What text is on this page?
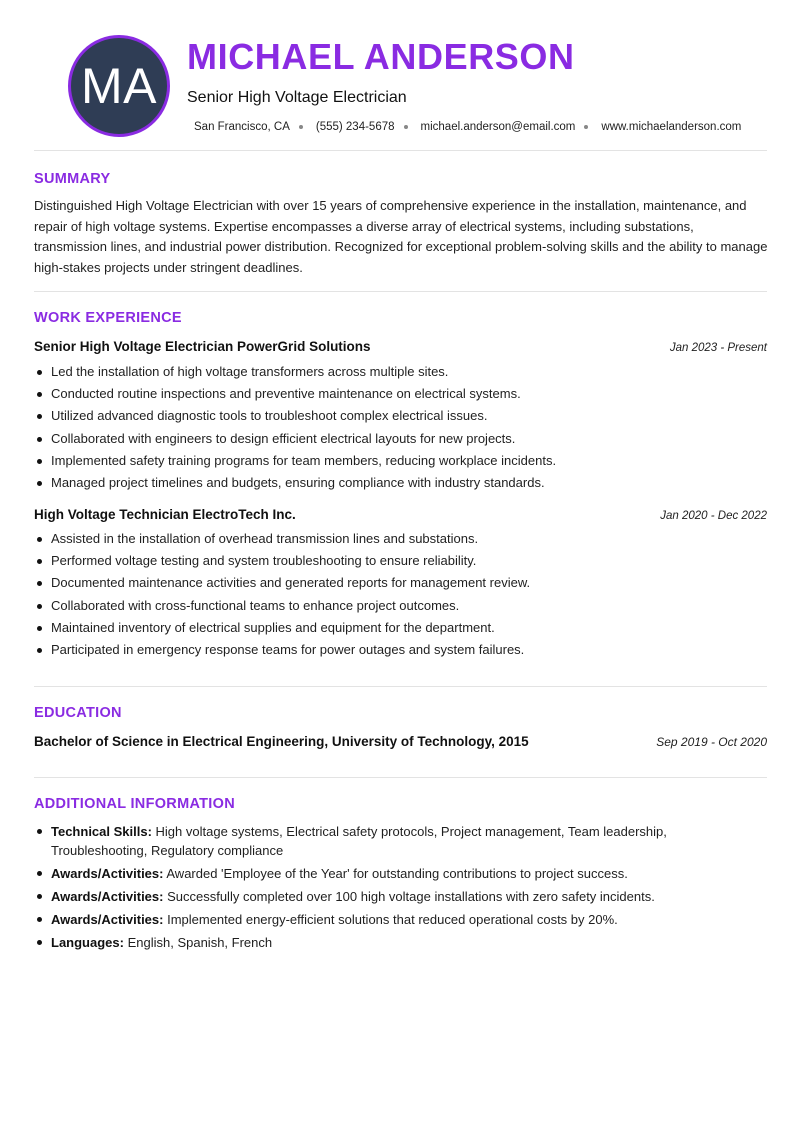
MA
MICHAEL ANDERSON
Senior High Voltage Electrician
San Francisco, CA (555) 234-5678 michael.anderson@email.com www.michaelanderson.com
SUMMARY

Distinguished High Voltage Electrician with over 15 years of comprehensive experience in the installation, maintenance, and repair of high voltage systems. Expertise encompasses a diverse array of electrical systems, including substations, transmission lines, and industrial power distribution. Recognized for exceptional problem-solving skills and the ability to manage high-stakes projects under stringent deadlines.

WORK EXPERIENCE
Senior High Voltage Electrician PowerGrid Solutions	Jan 2023 - Present
Led the installation of high voltage transformers across multiple sites.
Conducted routine inspections and preventive maintenance on electrical systems.
Utilized advanced diagnostic tools to troubleshoot complex electrical issues.
Collaborated with engineers to design efficient electrical layouts for new projects.
Implemented safety training programs for team members, reducing workplace incidents.
Managed project timelines and budgets, ensuring compliance with industry standards.
High Voltage Technician ElectroTech Inc.	Jan 2020 - Dec 2022
Assisted in the installation of overhead transmission lines and substations.
Performed voltage testing and system troubleshooting to ensure reliability.
Documented maintenance activities and generated reports for management review.
Collaborated with cross-functional teams to enhance project outcomes.
Maintained inventory of electrical supplies and equipment for the department.
Participated in emergency response teams for power outages and system failures.
EDUCATION
Bachelor of Science in Electrical Engineering, University of Technology, 2015	Sep 2019 - Oct 2020
ADDITIONAL INFORMATION
Technical Skills: High voltage systems, Electrical safety protocols, Project management, Team leadership, Troubleshooting, Regulatory compliance
Awards/Activities: Awarded 'Employee of the Year' for outstanding contributions to project success.
Awards/Activities: Successfully completed over 100 high voltage installations with zero safety incidents.
Awards/Activities: Implemented energy-efficient solutions that reduced operational costs by 20%.
Languages: English, Spanish, French
